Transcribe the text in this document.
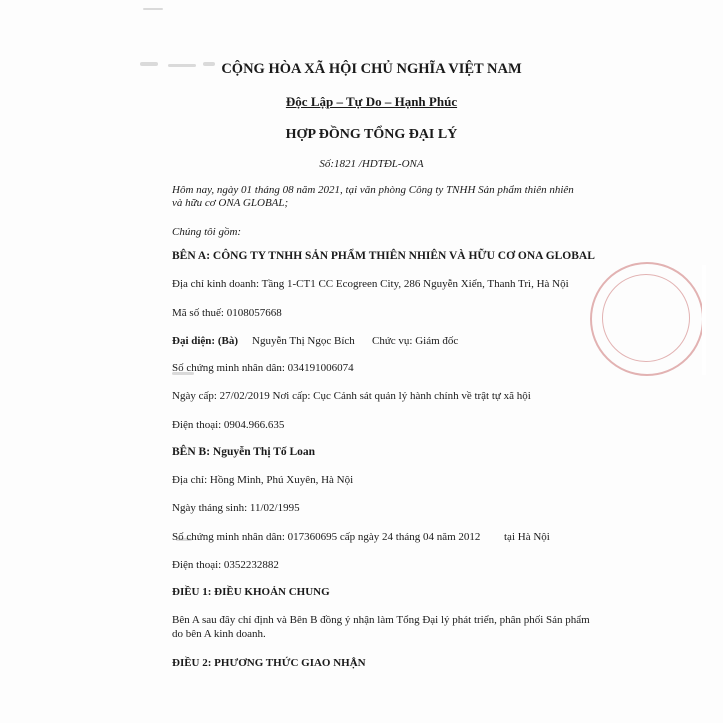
CỘNG HÒA XÃ HỘI CHỦ NGHĨA VIỆT NAM
Độc Lập – Tự Do – Hạnh Phúc
HỢP ĐỒNG TỔNG ĐẠI LÝ
Số:1821 /HDTĐL-ONA
Hôm nay, ngày 01 tháng 08 năm 2021, tại văn phòng Công ty TNHH Sản phẩm thiên nhiên
và hữu cơ ONA GLOBAL;
Chúng tôi gồm:
BÊN A: CÔNG TY TNHH SẢN PHẨM THIÊN NHIÊN VÀ HỮU CƠ ONA GLOBAL
Địa chỉ kinh doanh: Tầng 1-CT1 CC Ecogreen City, 286 Nguyễn Xiển, Thanh Trì, Hà Nội
Mã số thuế: 0108057668
Đại diện: (Bà) Nguyễn Thị Ngọc Bích Chức vụ: Giám đốc
Số chứng minh nhân dân: 034191006074
Ngày cấp: 27/02/2019 Nơi cấp: Cục Cảnh sát quản lý hành chính về trật tự xã hội
Điện thoại: 0904.966.635
BÊN B: Nguyễn Thị Tố Loan
Địa chỉ: Hồng Minh, Phú Xuyên, Hà Nội
Ngày tháng sinh: 11/02/1995
Số chứng minh nhân dân: 017360695 cấp ngày 24 tháng 04 năm 2012 tại Hà Nội
Điện thoại: 0352232882
ĐIỀU 1: ĐIỀU KHOẢN CHUNG
Bên A sau đây chỉ định và Bên B đồng ý nhận làm Tổng Đại lý phát triển, phân phối Sản phẩm
do bên A kinh doanh.
ĐIỀU 2: PHƯƠNG THỨC GIAO NHẬN
